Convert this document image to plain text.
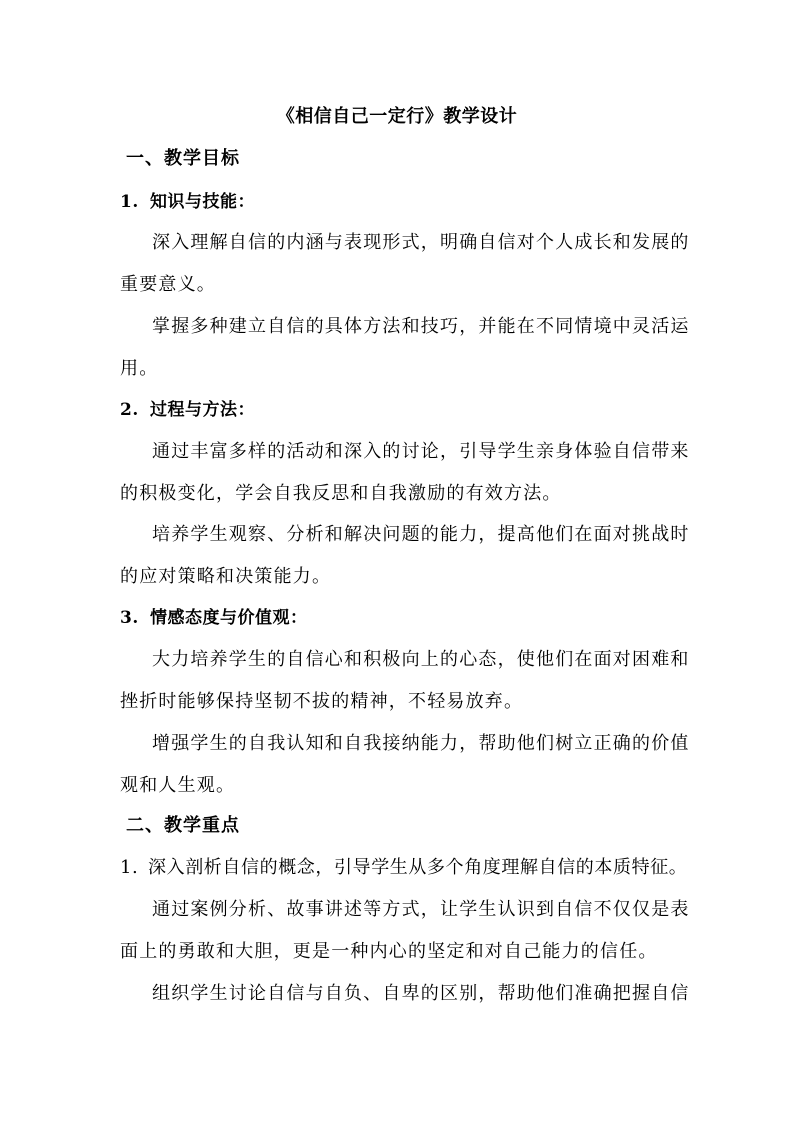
《相信自己一定行》教学设计
一、教学目标
1. 知识与技能：
深入理解自信的内涵与表现形式，明确自信对个人成长和发展的
重要意义。
掌握多种建立自信的具体方法和技巧，并能在不同情境中灵活运
用。
2. 过程与方法：
通过丰富多样的活动和深入的讨论，引导学生亲身体验自信带来
的积极变化，学会自我反思和自我激励的有效方法。
培养学生观察、分析和解决问题的能力，提高他们在面对挑战时
的应对策略和决策能力。
3. 情感态度与价值观：
大力培养学生的自信心和积极向上的心态，使他们在面对困难和
挫折时能够保持坚韧不拔的精神，不轻易放弃。
增强学生的自我认知和自我接纳能力，帮助他们树立正确的价值
观和人生观。
二、教学重点
1. 深入剖析自信的概念，引导学生从多个角度理解自信的本质特征。
通过案例分析、故事讲述等方式，让学生认识到自信不仅仅是表
面上的勇敢和大胆，更是一种内心的坚定和对自己能力的信任。
组织学生讨论自信与自负、自卑的区别，帮助他们准确把握自信
